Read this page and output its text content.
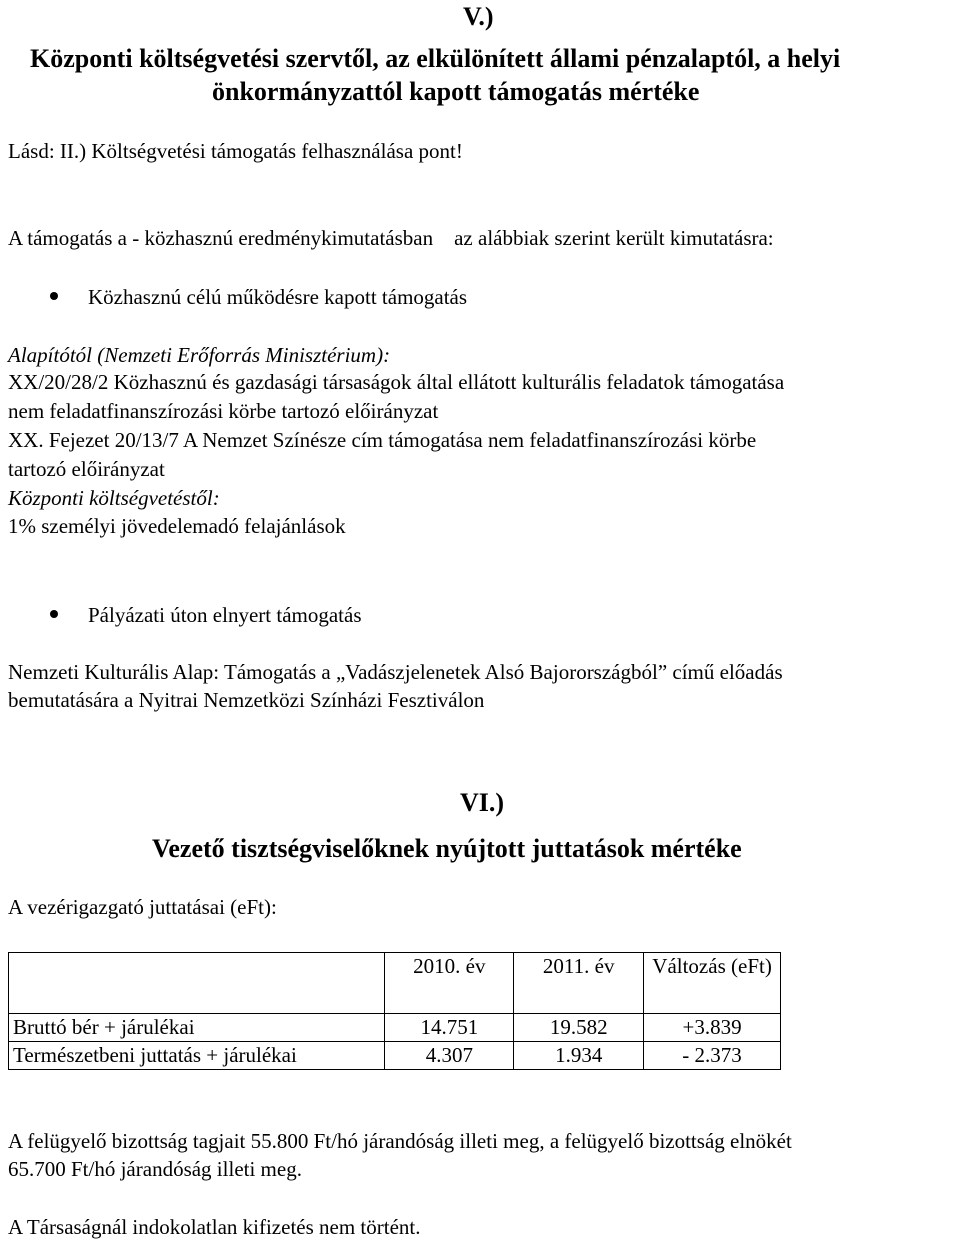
V.)
Központi költségvetési szervtől, az elkülönített állami pénzalaptól, a helyi
önkormányzattól kapott támogatás mértéke
Lásd: II.) Költségvetési támogatás felhasználása pont!
A támogatás a - közhasznú eredménykimutatásban    az alábbiak szerint került kimutatásra:
Közhasznú célú működésre kapott támogatás
Alapítótól (Nemzeti Erőforrás Minisztérium):
XX/20/28/2 Közhasznú és gazdasági társaságok által ellátott kulturális feladatok támogatása
nem feladatfinanszírozási körbe tartozó előirányzat
XX. Fejezet 20/13/7 A Nemzet Színésze cím támogatása nem feladatfinanszírozási körbe
tartozó előirányzat
Központi költségvetéstől:
1% személyi jövedelemadó felajánlások
Pályázati úton elnyert támogatás
Nemzeti Kulturális Alap: Támogatás a „Vadászjelenetek Alsó Bajorországból” című előadás
bemutatására a Nyitrai Nemzetközi Színházi Fesztiválon
VI.)
Vezető tisztségviselőknek nyújtott juttatások mértéke
A vezérigazgató juttatásai (eFt):
	2010. év	2011. év	Változás (eFt)
Bruttó bér + járulékai	14.751	19.582	+3.839
Természetbeni juttatás + járulékai	4.307	1.934	- 2.373
A felügyelő bizottság tagjait 55.800 Ft/hó járandóság illeti meg, a felügyelő bizottság elnökét
65.700 Ft/hó járandóság illeti meg.
A Társaságnál indokolatlan kifizetés nem történt.
